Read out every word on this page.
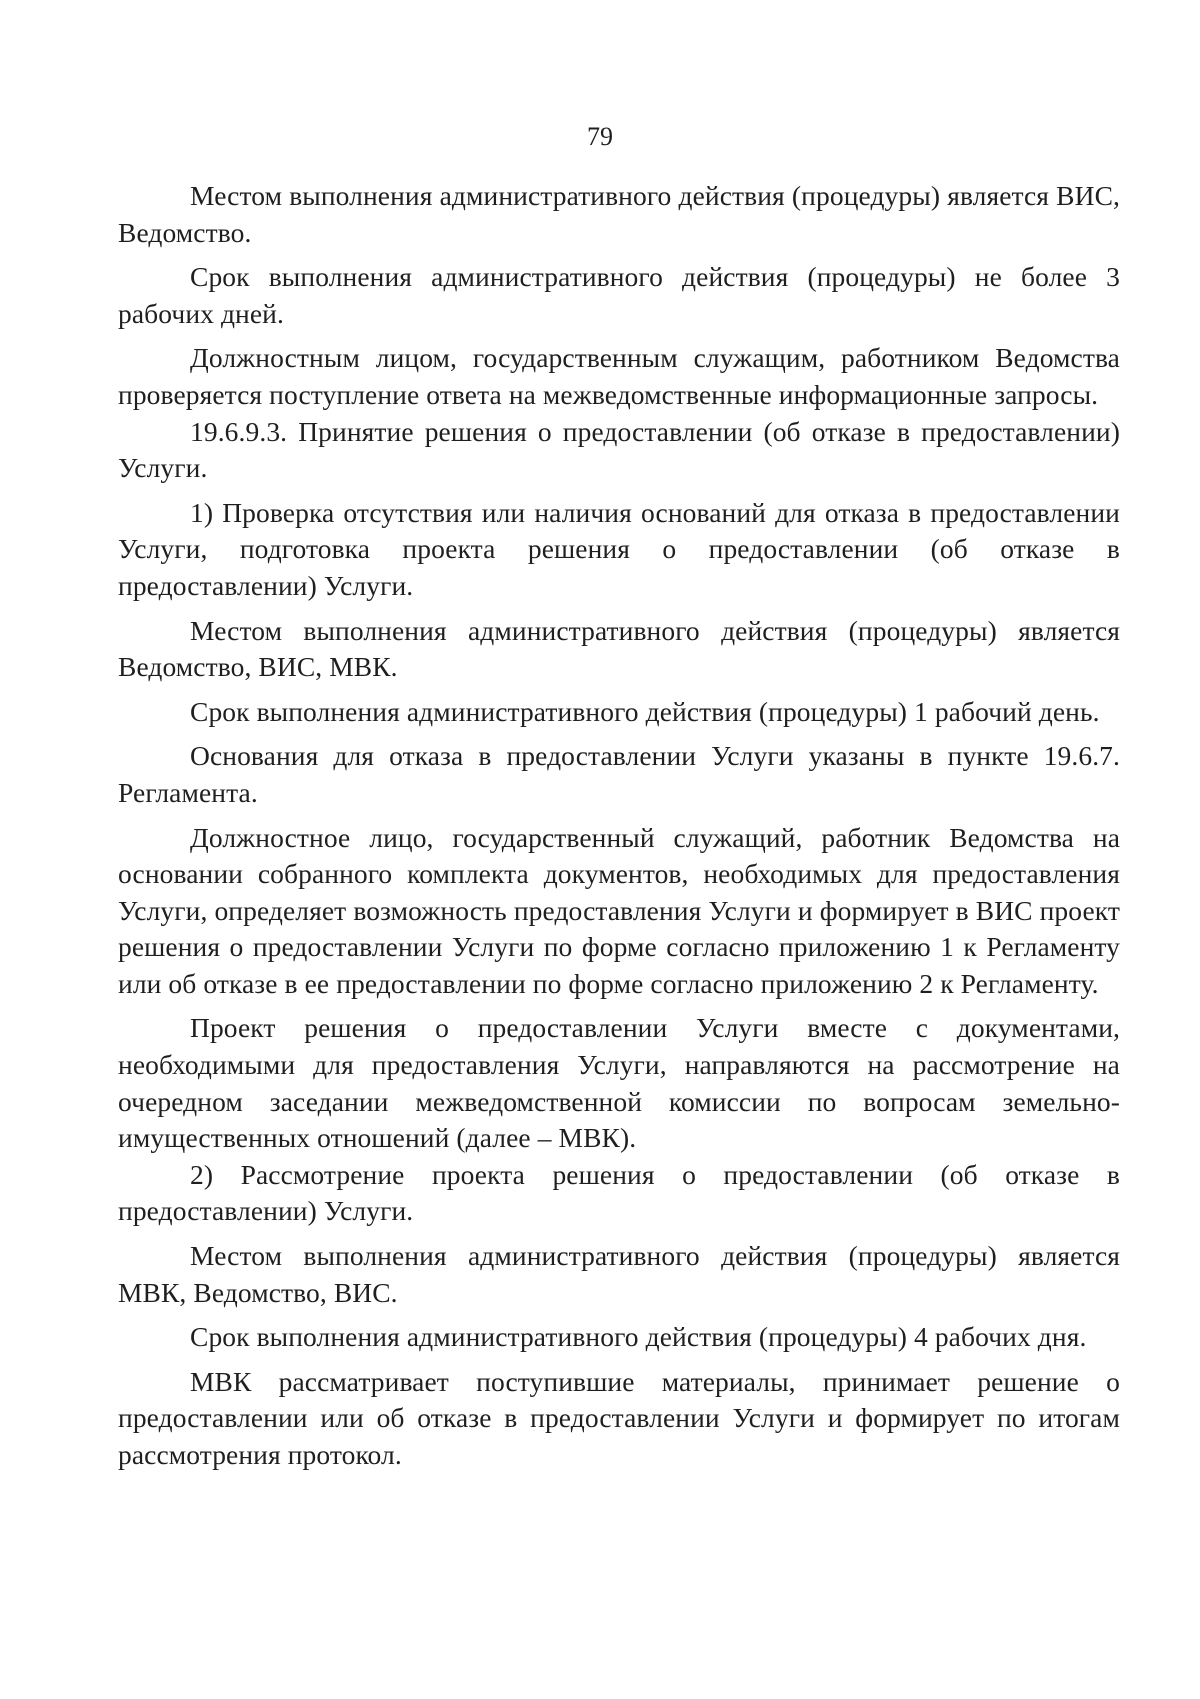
79

Местом выполнения административного действия (процедуры) является ВИС, Ведомство.

Срок выполнения административного действия (процедуры) не более 3 рабочих дней.

Должностным лицом, государственным служащим, работником Ведомства проверяется поступление ответа на межведомственные информационные запросы.

19.6.9.3. Принятие решения о предоставлении (об отказе в предоставлении) Услуги.

1) Проверка отсутствия или наличия оснований для отказа в предоставлении Услуги, подготовка проекта решения о предоставлении (об отказе в предоставлении) Услуги.

Местом выполнения административного действия (процедуры) является Ведомство, ВИС, МВК.

Срок выполнения административного действия (процедуры) 1 рабочий день.

Основания для отказа в предоставлении Услуги указаны в пункте 19.6.7. Регламента.

Должностное лицо, государственный служащий, работник Ведомства на основании собранного комплекта документов, необходимых для предоставления Услуги, определяет возможность предоставления Услуги и формирует в ВИС проект решения о предоставлении Услуги по форме согласно приложению 1 к Регламенту или об отказе в ее предоставлении по форме согласно приложению 2 к Регламенту.

Проект решения о предоставлении Услуги вместе с документами, необходимыми для предоставления Услуги, направляются на рассмотрение на очередном заседании межведомственной комиссии по вопросам земельно-имущественных отношений (далее – МВК).

2) Рассмотрение проекта решения о предоставлении (об отказе в предоставлении) Услуги.

Местом выполнения административного действия (процедуры) является МВК, Ведомство, ВИС.

Срок выполнения административного действия (процедуры) 4 рабочих дня.

МВК рассматривает поступившие материалы, принимает решение о предоставлении или об отказе в предоставлении Услуги и формирует по итогам рассмотрения протокол.
